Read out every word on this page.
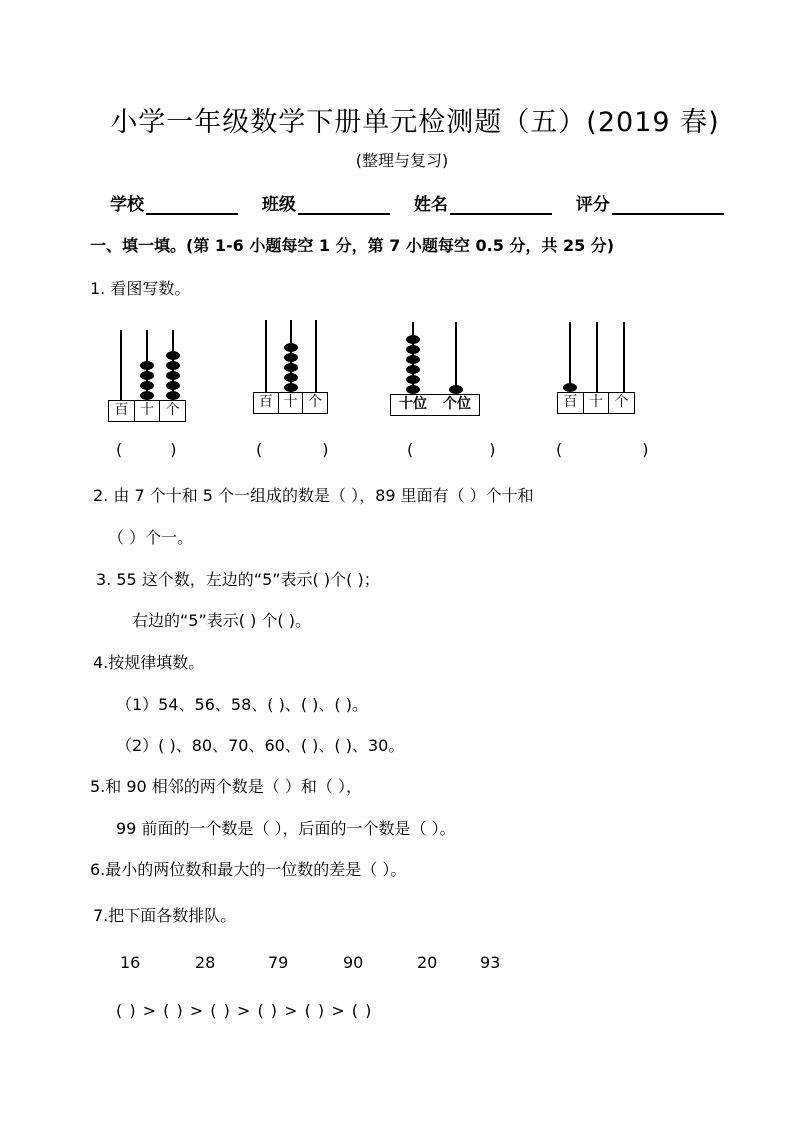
小学一年级数学下册单元检测题（五）(2019 春)
(整理与复习)
学校	班级	姓名	评分
一、填一填。(第 1-6 小题每空 1 分，第 7 小题每空 0.5 分，共 25 分)
1. 看图写数。
百 十 个	百 十 个	十位	个位	百 十 个
(	)	(	)	(	)	(	)
2. 由 7 个十和 5 个一组成的数是（ ），89 里面有（ ）个十和
（ ）个一。
3. 55 这个数，左边的“5”表示( )个( )；
右边的“5”表示( ) 个( )。
4.按规律填数。
（1）54、56、58、( )、( )、( )。
（2）( )、80、70、60、( )、( )、30。
5.和 90 相邻的两个数是（ ）和（ ），
99 前面的一个数是（ ），后面的一个数是（ ）。
6.最小的两位数和最大的一位数的差是（ ）。
7.把下面各数排队。
16	28	79	90	20	93
( ) > ( ) > ( ) > ( ) > ( ) > ( )
